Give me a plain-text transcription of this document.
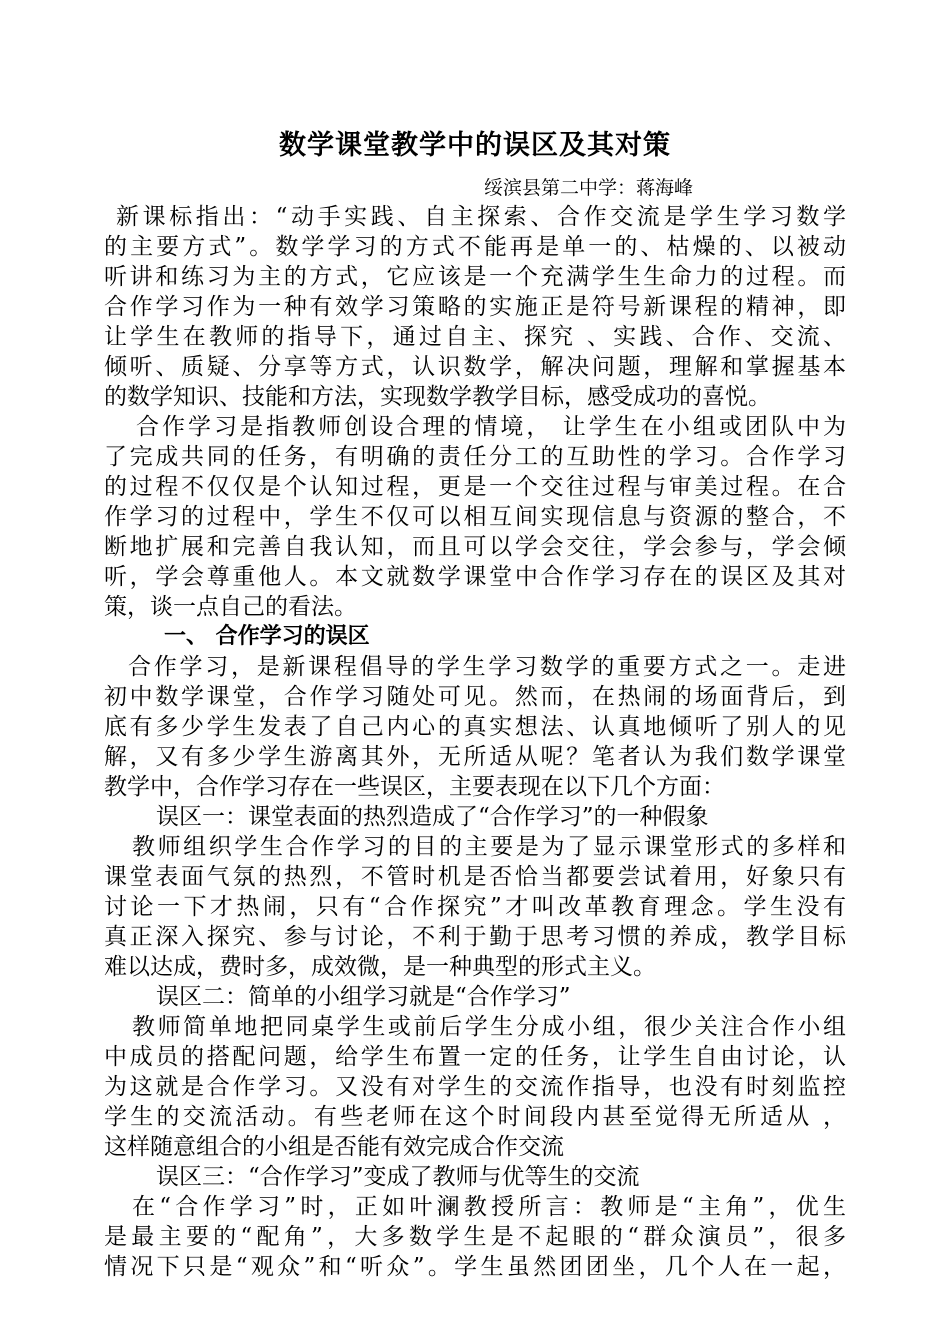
数学课堂教学中的误区及其对策
绥滨县第二中学：蒋海峰
新课标指出：“动手实践、自主探索、合作交流是学生学习数学
的主要方式”。数学学习的方式不能再是单一的、枯燥的、以被动
听讲和练习为主的方式，它应该是一个充满学生生命力的过程。而
合作学习作为一种有效学习策略的实施正是符号新课程的精神，即
让学生在教师的指导下，通过自主、探究 、实践、合作、交流、
倾听、质疑、分享等方式，认识数学，解决问题，理解和掌握基本
的数学知识、技能和方法，实现数学教学目标，感受成功的喜悦。
合作学习是指教师创设合理的情境， 让学生在小组或团队中为
了完成共同的任务，有明确的责任分工的互助性的学习。合作学习
的过程不仅仅是个认知过程，更是一个交往过程与审美过程。在合
作学习的过程中，学生不仅可以相互间实现信息与资源的整合，不
断地扩展和完善自我认知，而且可以学会交往，学会参与，学会倾
听，学会尊重他人。本文就数学课堂中合作学习存在的误区及其对
策，谈一点自己的看法。
一、 合作学习的误区
合作学习，是新课程倡导的学生学习数学的重要方式之一。走进
初中数学课堂，合作学习随处可见。然而，在热闹的场面背后，到
底有多少学生发表了自己内心的真实想法、认真地倾听了别人的见
解，又有多少学生游离其外，无所适从呢？笔者认为我们数学课堂
教学中，合作学习存在一些误区，主要表现在以下几个方面：
误区一：课堂表面的热烈造成了“合作学习”的一种假象
教师组织学生合作学习的目的主要是为了显示课堂形式的多样和
课堂表面气氛的热烈，不管时机是否恰当都要尝试着用，好象只有
讨论一下才热闹，只有“合作探究”才叫改革教育理念。学生没有
真正深入探究、参与讨论，不利于勤于思考习惯的养成，教学目标
难以达成，费时多，成效微，是一种典型的形式主义。
误区二：简单的小组学习就是“合作学习”
教师简单地把同桌学生或前后学生分成小组，很少关注合作小组
中成员的搭配问题，给学生布置一定的任务，让学生自由讨论，认
为这就是合作学习。又没有对学生的交流作指导，也没有时刻监控
学生的交流活动。有些老师在这个时间段内甚至觉得无所适从 ，
这样随意组合的小组是否能有效完成合作交流
误区三：“合作学习”变成了教师与优等生的交流
在“合作学习”时，正如叶澜教授所言：教师是“主角”，优生
是最主要的“配角”，大多数学生是不起眼的“群众演员”，很多
情况下只是“观众”和“听众”。学生虽然团团坐，几个人在一起，
